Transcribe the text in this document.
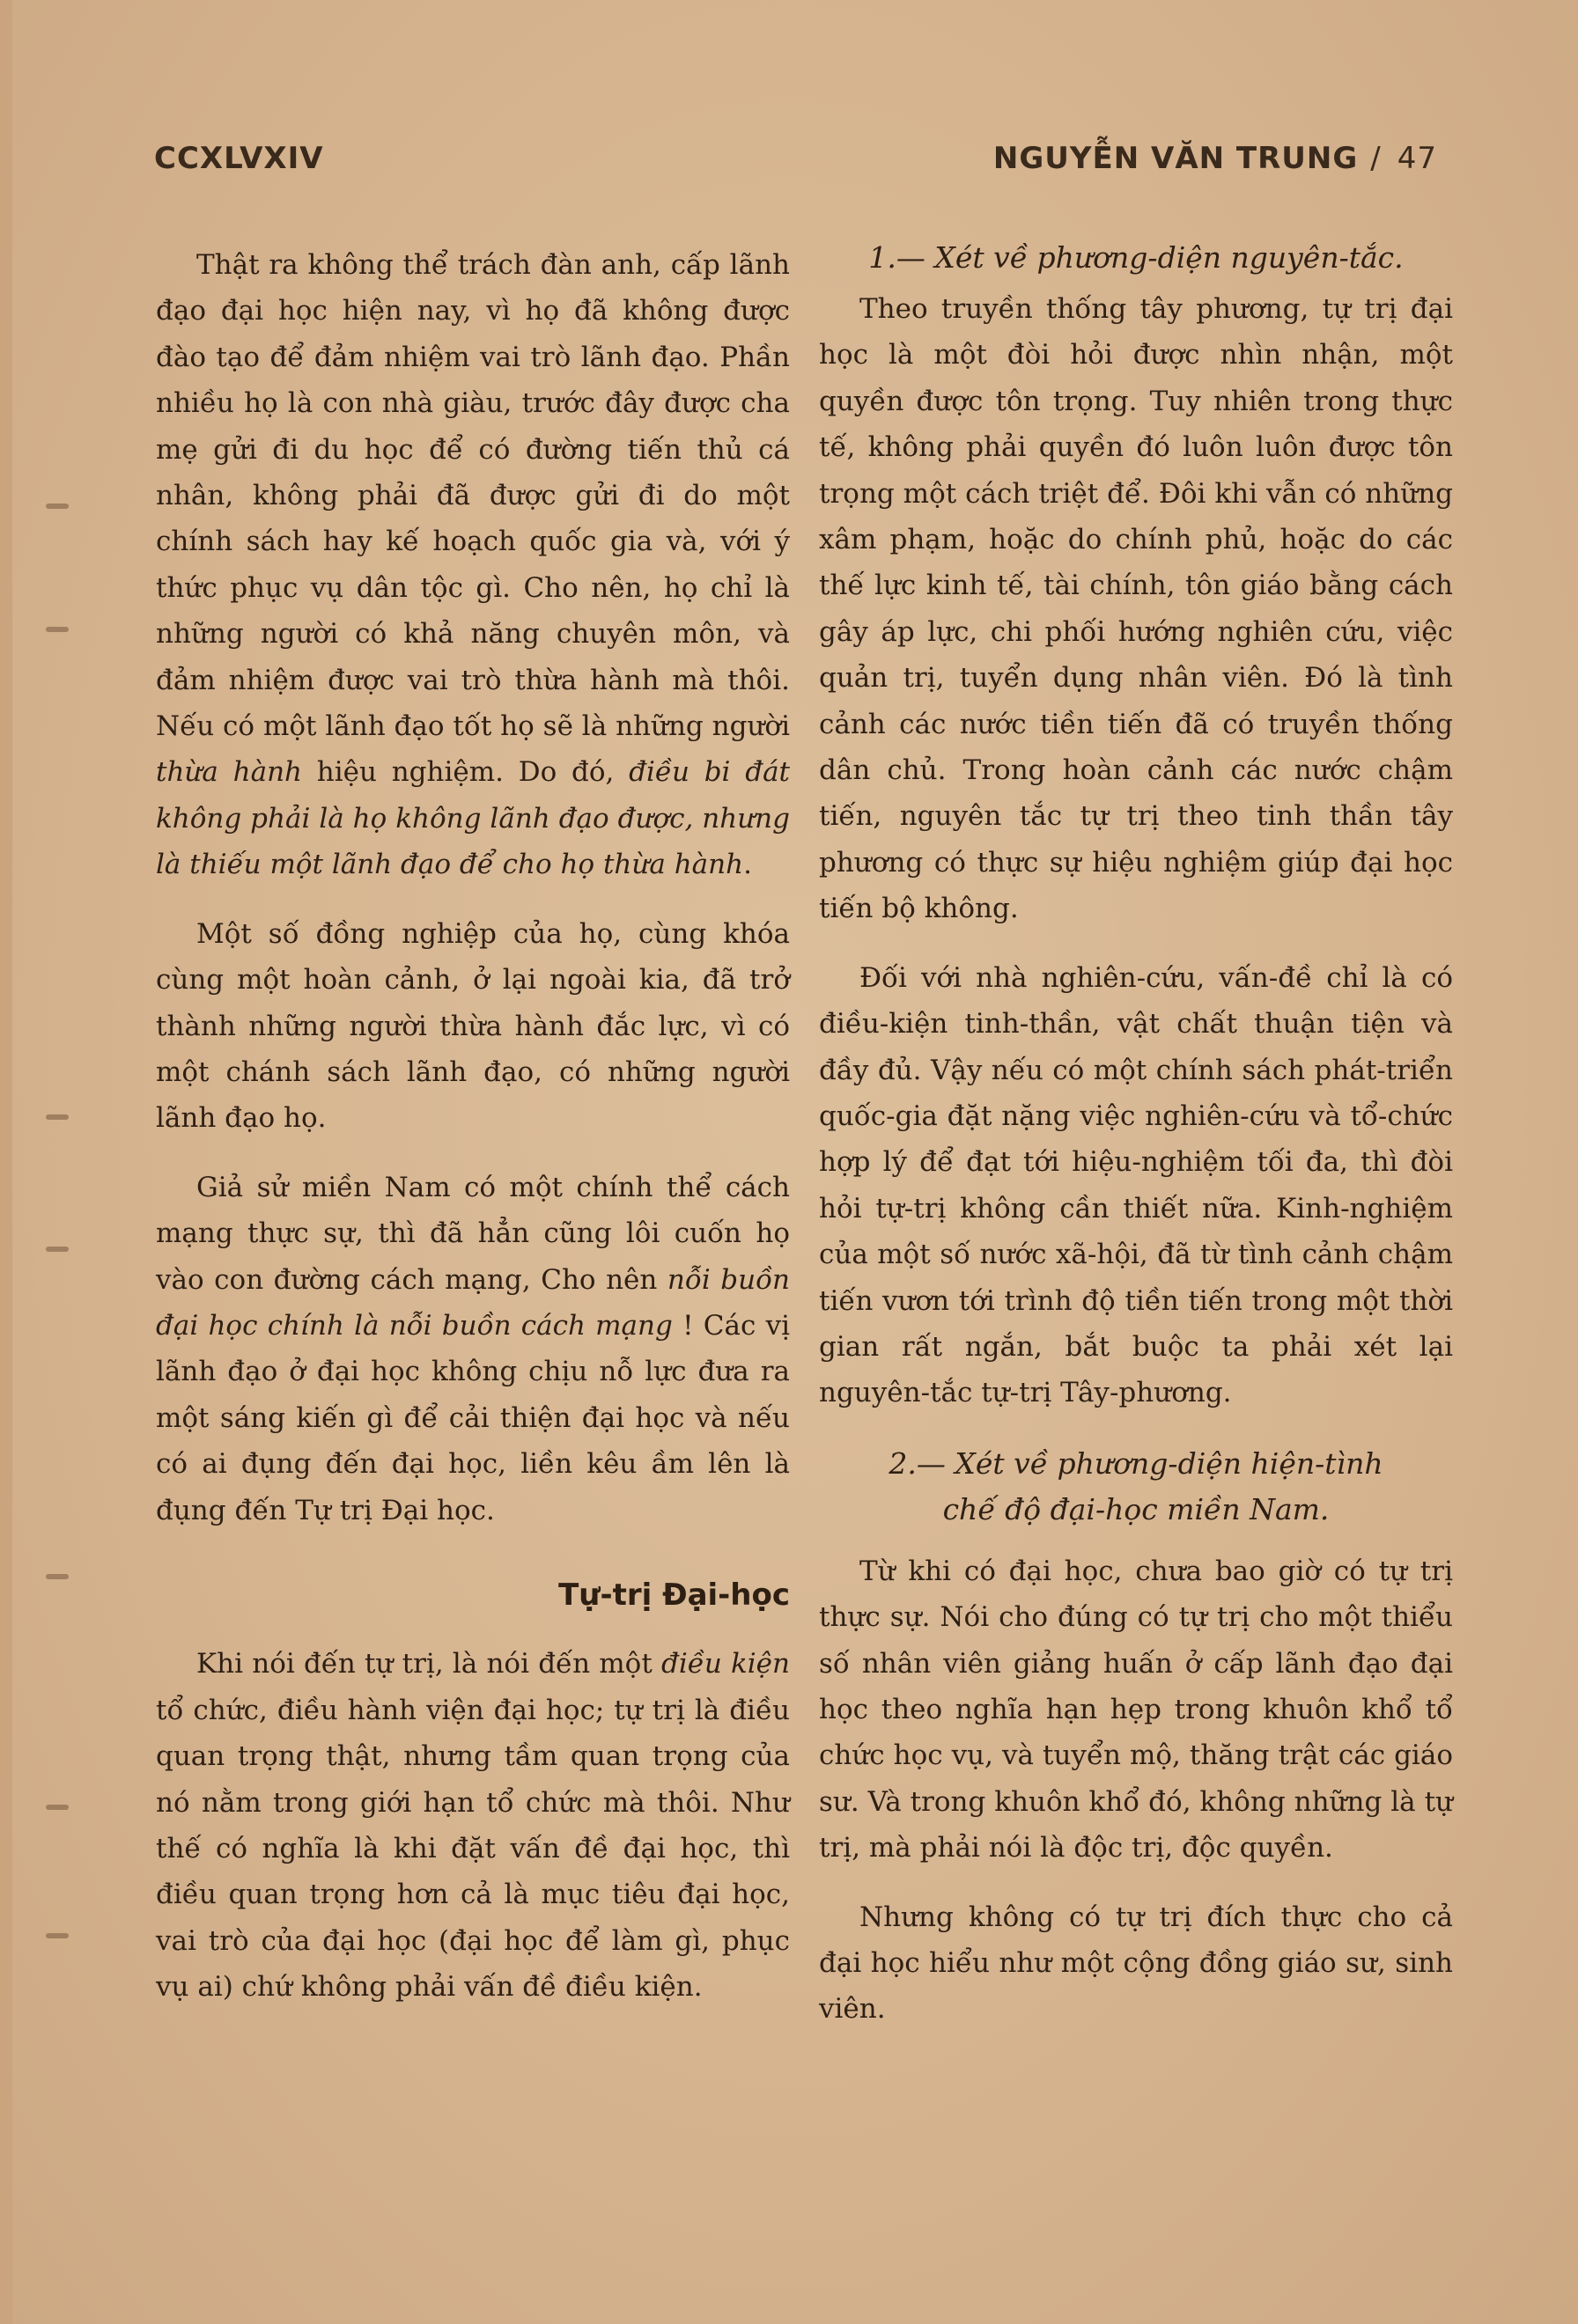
CCXLVXIV	NGUYỄN VĂN TRUNG / 47

Thật ra không thể trách đàn anh, cấp lãnh đạo đại học hiện nay, vì họ đã không được đào tạo để đảm nhiệm vai trò lãnh đạo. Phần nhiều họ là con nhà giàu, trước đây được cha mẹ gửi đi du học để có đường tiến thủ cá nhân, không phải đã được gửi đi do một chính sách hay kế hoạch quốc gia và, với ý thức phục vụ dân tộc gì. Cho nên, họ chỉ là những người có khả năng chuyên môn, và đảm nhiệm được vai trò thừa hành mà thôi. Nếu có một lãnh đạo tốt họ sẽ là những người thừa hành hiệu nghiệm. Do đó, điều bi đát không phải là họ không lãnh đạo được, nhưng là thiếu một lãnh đạo để cho họ thừa hành.

Một số đồng nghiệp của họ, cùng khóa cùng một hoàn cảnh, ở lại ngoài kia, đã trở thành những người thừa hành đắc lực, vì có một chánh sách lãnh đạo, có những người lãnh đạo họ.

Giả sử miền Nam có một chính thể cách mạng thực sự, thì đã hẳn cũng lôi cuốn họ vào con đường cách mạng, Cho nên nỗi buồn đại học chính là nỗi buồn cách mạng ! Các vị lãnh đạo ở đại học không chịu nỗ lực đưa ra một sáng kiến gì để cải thiện đại học và nếu có ai đụng đến đại học, liền kêu ầm lên là đụng đến Tự trị Đại học.

Tự-trị Đại-học

Khi nói đến tự trị, là nói đến một điều kiện tổ chức, điều hành viện đại học; tự trị là điều quan trọng thật, nhưng tầm quan trọng của nó nằm trong giới hạn tổ chức mà thôi. Như thế có nghĩa là khi đặt vấn đề đại học, thì điều quan trọng hơn cả là mục tiêu đại học, vai trò của đại học (đại học để làm gì, phục vụ ai) chứ không phải vấn đề điều kiện.

1.— Xét về phương-diện nguyên-tắc.

Theo truyền thống tây phương, tự trị đại học là một đòi hỏi được nhìn nhận, một quyền được tôn trọng. Tuy nhiên trong thực tế, không phải quyền đó luôn luôn được tôn trọng một cách triệt để. Đôi khi vẫn có những xâm phạm, hoặc do chính phủ, hoặc do các thế lực kinh tế, tài chính, tôn giáo bằng cách gây áp lực, chi phối hướng nghiên cứu, việc quản trị, tuyển dụng nhân viên. Đó là tình cảnh các nước tiền tiến đã có truyền thống dân chủ. Trong hoàn cảnh các nước chậm tiến, nguyên tắc tự trị theo tinh thần tây phương có thực sự hiệu nghiệm giúp đại học tiến bộ không.

Đối với nhà nghiên-cứu, vấn-đề chỉ là có điều-kiện tinh-thần, vật chất thuận tiện và đầy đủ. Vậy nếu có một chính sách phát-triển quốc-gia đặt nặng việc nghiên-cứu và tổ-chức hợp lý để đạt tới hiệu-nghiệm tối đa, thì đòi hỏi tự-trị không cần thiết nữa. Kinh-nghiệm của một số nước xã-hội, đã từ tình cảnh chậm tiến vươn tới trình độ tiền tiến trong một thời gian rất ngắn, bắt buộc ta phải xét lại nguyên-tắc tự-trị Tây-phương.

2.— Xét về phương-diện hiện-tình
chế độ đại-học miền Nam.

Từ khi có đại học, chưa bao giờ có tự trị thực sự. Nói cho đúng có tự trị cho một thiểu số nhân viên giảng huấn ở cấp lãnh đạo đại học theo nghĩa hạn hẹp trong khuôn khổ tổ chức học vụ, và tuyển mộ, thăng trật các giáo sư. Và trong khuôn khổ đó, không những là tự trị, mà phải nói là độc trị, độc quyền.

Nhưng không có tự trị đích thực cho cả đại học hiểu như một cộng đồng giáo sư, sinh viên.
